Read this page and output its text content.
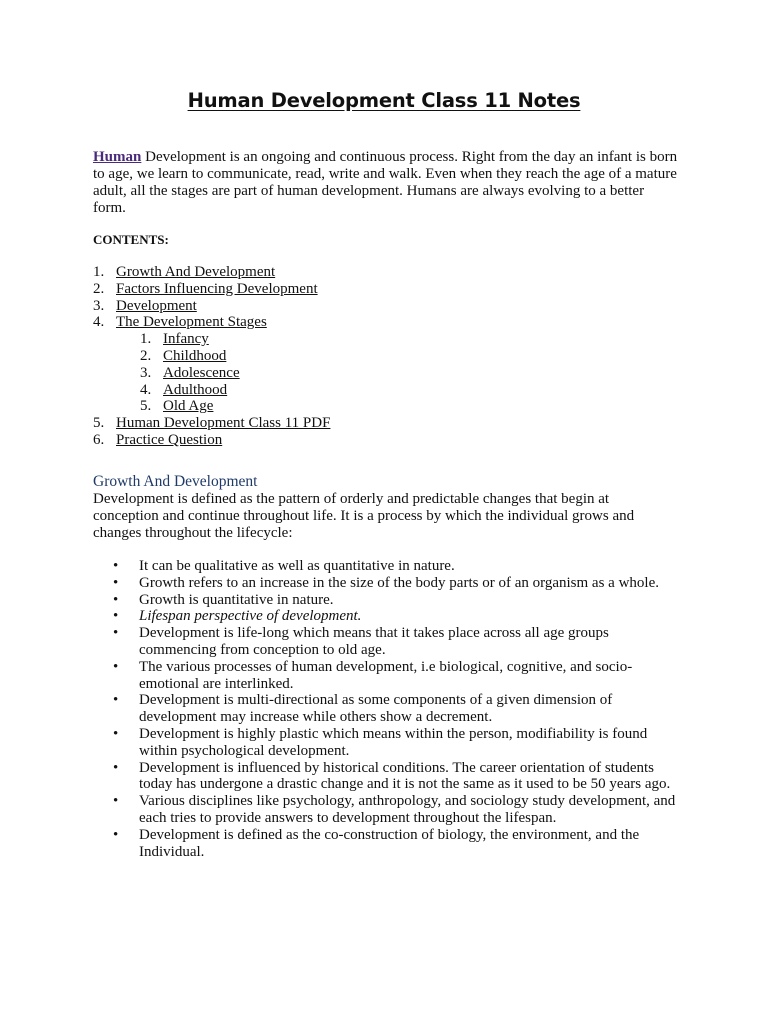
Human Development Class 11 Notes

Human Development is an ongoing and continuous process. Right from the day an infant is born to age, we learn to communicate, read, write and walk. Even when they reach the age of a mature adult, all the stages are part of human development. Humans are always evolving to a better form.

CONTENTS:

1. Growth And Development
2. Factors Influencing Development
3. Development
4. The Development Stages
1. Infancy
2. Childhood
3. Adolescence
4. Adulthood
5. Old Age
5. Human Development Class 11 PDF
6. Practice Question
Growth And Development

Development is defined as the pattern of orderly and predictable changes that begin at conception and continue throughout life. It is a process by which the individual grows and changes throughout the lifecycle:

• It can be qualitative as well as quantitative in nature.
• Growth refers to an increase in the size of the body parts or of an organism as a whole.
• Growth is quantitative in nature.
• Lifespan perspective of development.
• Development is life-long which means that it takes place across all age groups commencing from conception to old age.
• The various processes of human development, i.e biological, cognitive, and socio-emotional are interlinked.
• Development is multi-directional as some components of a given dimension of development may increase while others show a decrement.
• Development is highly plastic which means within the person, modifiability is found within psychological development.
• Development is influenced by historical conditions. The career orientation of students today has undergone a drastic change and it is not the same as it used to be 50 years ago.
• Various disciplines like psychology, anthropology, and sociology study development, and each tries to provide answers to development throughout the lifespan.
• Development is defined as the co-construction of biology, the environment, and the Individual.
